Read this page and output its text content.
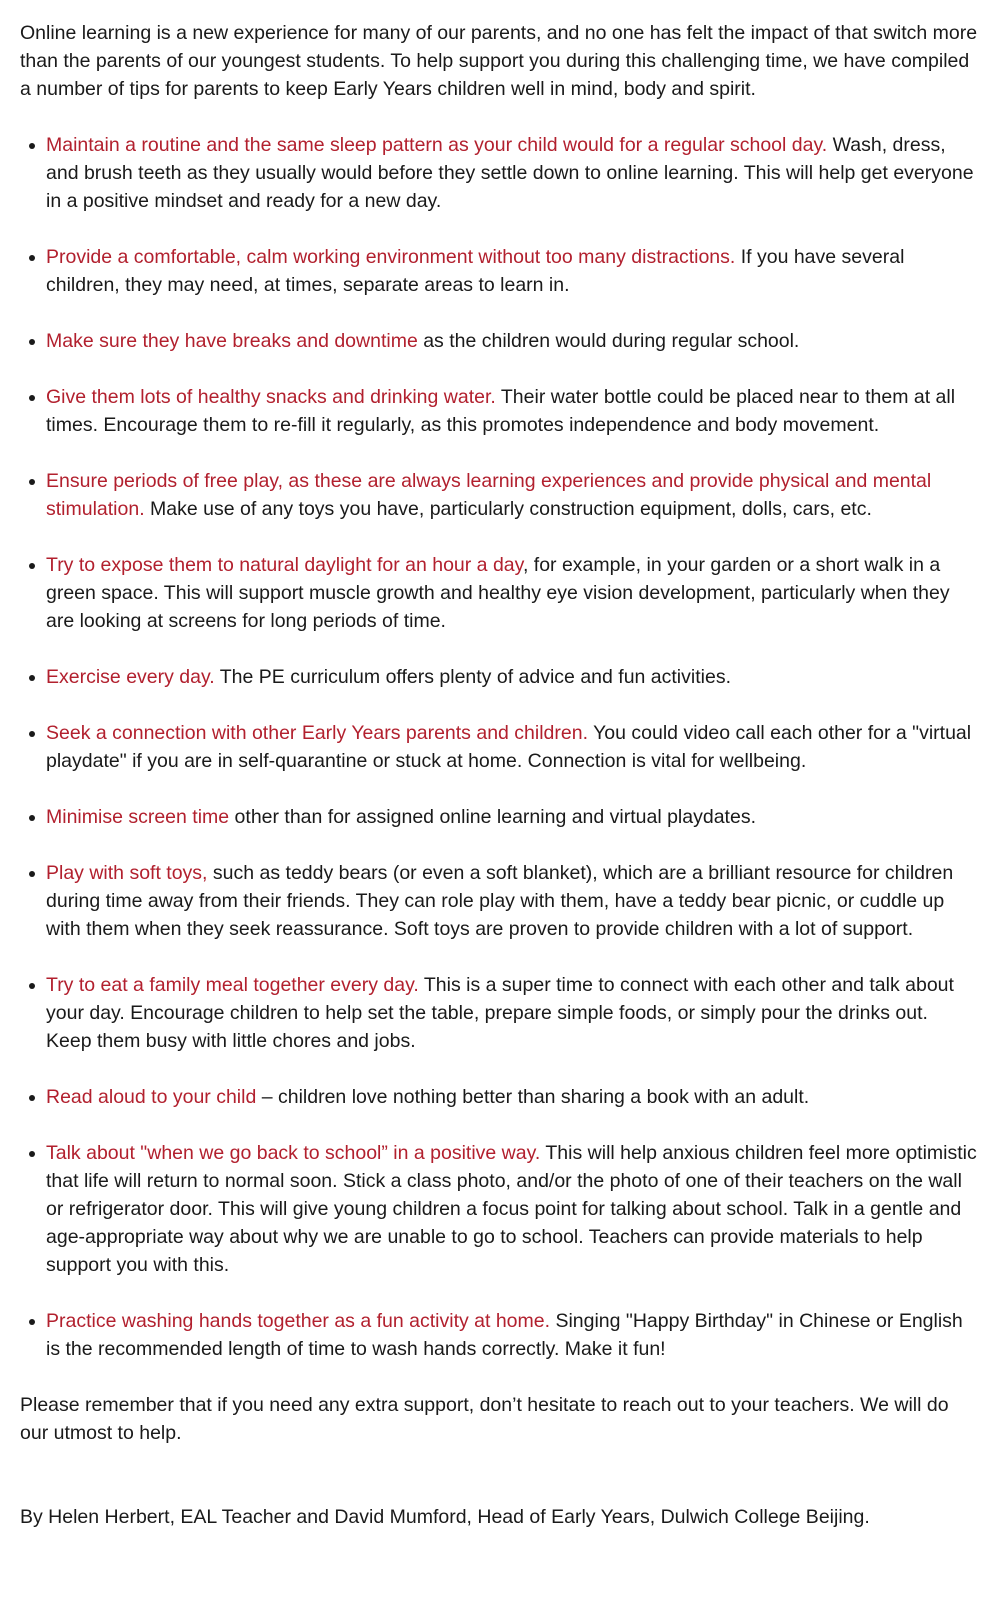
Online learning is a new experience for many of our parents, and no one has felt the impact of that switch more than the parents of our youngest students. To help support you during this challenging time, we have compiled a number of tips for parents to keep Early Years children well in mind, body and spirit.

Maintain a routine and the same sleep pattern as your child would for a regular school day. Wash, dress, and brush teeth as they usually would before they settle down to online learning. This will help get everyone in a positive mindset and ready for a new day.
Provide a comfortable, calm working environment without too many distractions. If you have several children, they may need, at times, separate areas to learn in.
Make sure they have breaks and downtime as the children would during regular school.
Give them lots of healthy snacks and drinking water. Their water bottle could be placed near to them at all times. Encourage them to re-fill it regularly, as this promotes independence and body movement.
Ensure periods of free play, as these are always learning experiences and provide physical and mental stimulation. Make use of any toys you have, particularly construction equipment, dolls, cars, etc.
Try to expose them to natural daylight for an hour a day, for example, in your garden or a short walk in a green space. This will support muscle growth and healthy eye vision development, particularly when they are looking at screens for long periods of time.
Exercise every day. The PE curriculum offers plenty of advice and fun activities.
Seek a connection with other Early Years parents and children. You could video call each other for a "virtual playdate" if you are in self-quarantine or stuck at home. Connection is vital for wellbeing.
Minimise screen time other than for assigned online learning and virtual playdates.
Play with soft toys, such as teddy bears (or even a soft blanket), which are a brilliant resource for children during time away from their friends. They can role play with them, have a teddy bear picnic, or cuddle up with them when they seek reassurance. Soft toys are proven to provide children with a lot of support.
Try to eat a family meal together every day. This is a super time to connect with each other and talk about your day. Encourage children to help set the table, prepare simple foods, or simply pour the drinks out. Keep them busy with little chores and jobs.
Read aloud to your child – children love nothing better than sharing a book with an adult.
Talk about "when we go back to school” in a positive way. This will help anxious children feel more optimistic that life will return to normal soon. Stick a class photo, and/or the photo of one of their teachers on the wall or refrigerator door. This will give young children a focus point for talking about school. Talk in a gentle and age-appropriate way about why we are unable to go to school. Teachers can provide materials to help support you with this.
Practice washing hands together as a fun activity at home. Singing "Happy Birthday" in Chinese or English is the recommended length of time to wash hands correctly. Make it fun!

Please remember that if you need any extra support, don’t hesitate to reach out to your teachers. We will do our utmost to help.

By Helen Herbert, EAL Teacher and David Mumford, Head of Early Years, Dulwich College Beijing.
